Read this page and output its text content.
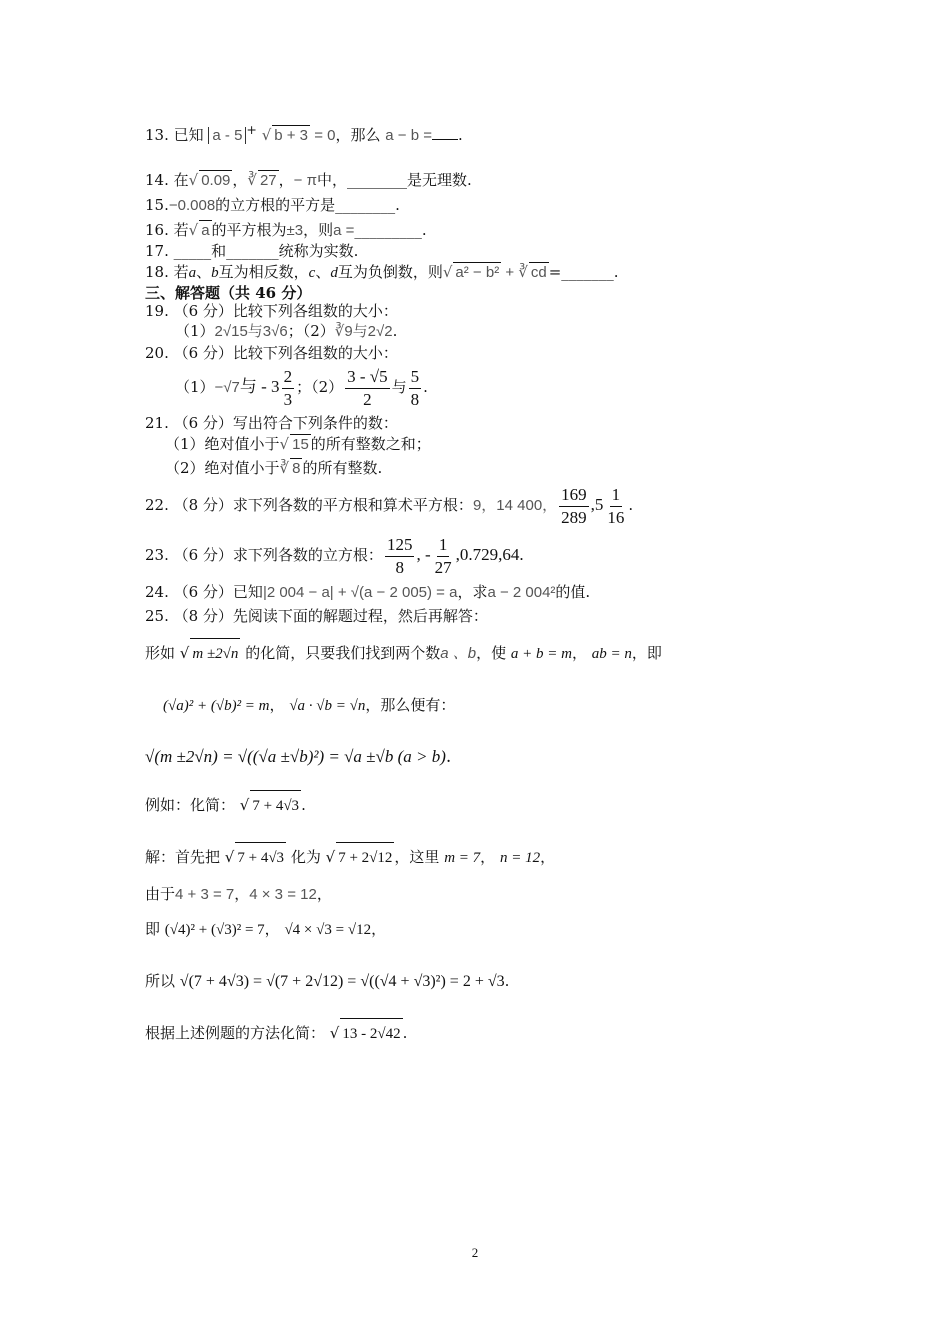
13. 已知 a - 5 + √ b + 3 = 0，那么 a − b = .
14. 在√ 0.09 ，∛ 27 ，− π中，________是无理数.
15.−0.008的立方根的平方是________.
16. 若√ a 的平方根为±3，则a =_________.
17. _____和_______统称为实数.
18. 若a、b互为相反数，c、d互为负倒数，则√ a² − b² + ∛ cd =_______.
三、解答题（共 46 分）
19. （6 分）比较下列各组数的大小：
（1）2√15与3√6；（2）∛9与2√2.
20. （6 分）比较下列各组数的大小：
（1）−√7与 - $3 \frac{2}{3}$ ；$(2) \frac{3 - √5}{2}$ 与 $\frac{5}{8}$ .
21. （6 分）写出符合下列条件的数：
（1）绝对值小于√ 15 的所有整数之和；
（2）绝对值小于∛ 8 的所有整数.
22. （8 分）求下列各数的平方根和算术平方根：9，14 400， $\frac{169}{289} ,5 \frac{1}{16}$ .
23. （6 分）求下列各数的立方根： $\frac{125}{8}$ , - $\frac{1}{27} ,0.729,64$.
24. （6 分）已知|2 004 − a| + √(a − 2 005) = a，求a − 2 004²的值.
25. （8 分）先阅读下面的解题过程，然后再解答：
形如 √ m ±2√n 的化简，只要我们找到两个数a 、b，使 a + b = m， ab = n，即
(√a)² + (√b)² = m， √a · √b = √n，那么便有：
√(m ±2√n) = √((√a ±√b)²) = √a ±√b (a > b).
例如：化简： √ 7 + 4√3 .
解：首先把 √ 7 + 4√3 化为 √ 7 + 2√12 ，这里 m = 7， n = 12，
由于4 + 3 = 7，4 × 3 = 12，
即 (√4)² + (√3)² = 7， √4 × √3 = √12，
所以 √(7 + 4√3) = √(7 + 2√12) = √((√4 + √3)²) = 2 + √3.
根据上述例题的方法化简： √ 13 - 2√42 .
2
